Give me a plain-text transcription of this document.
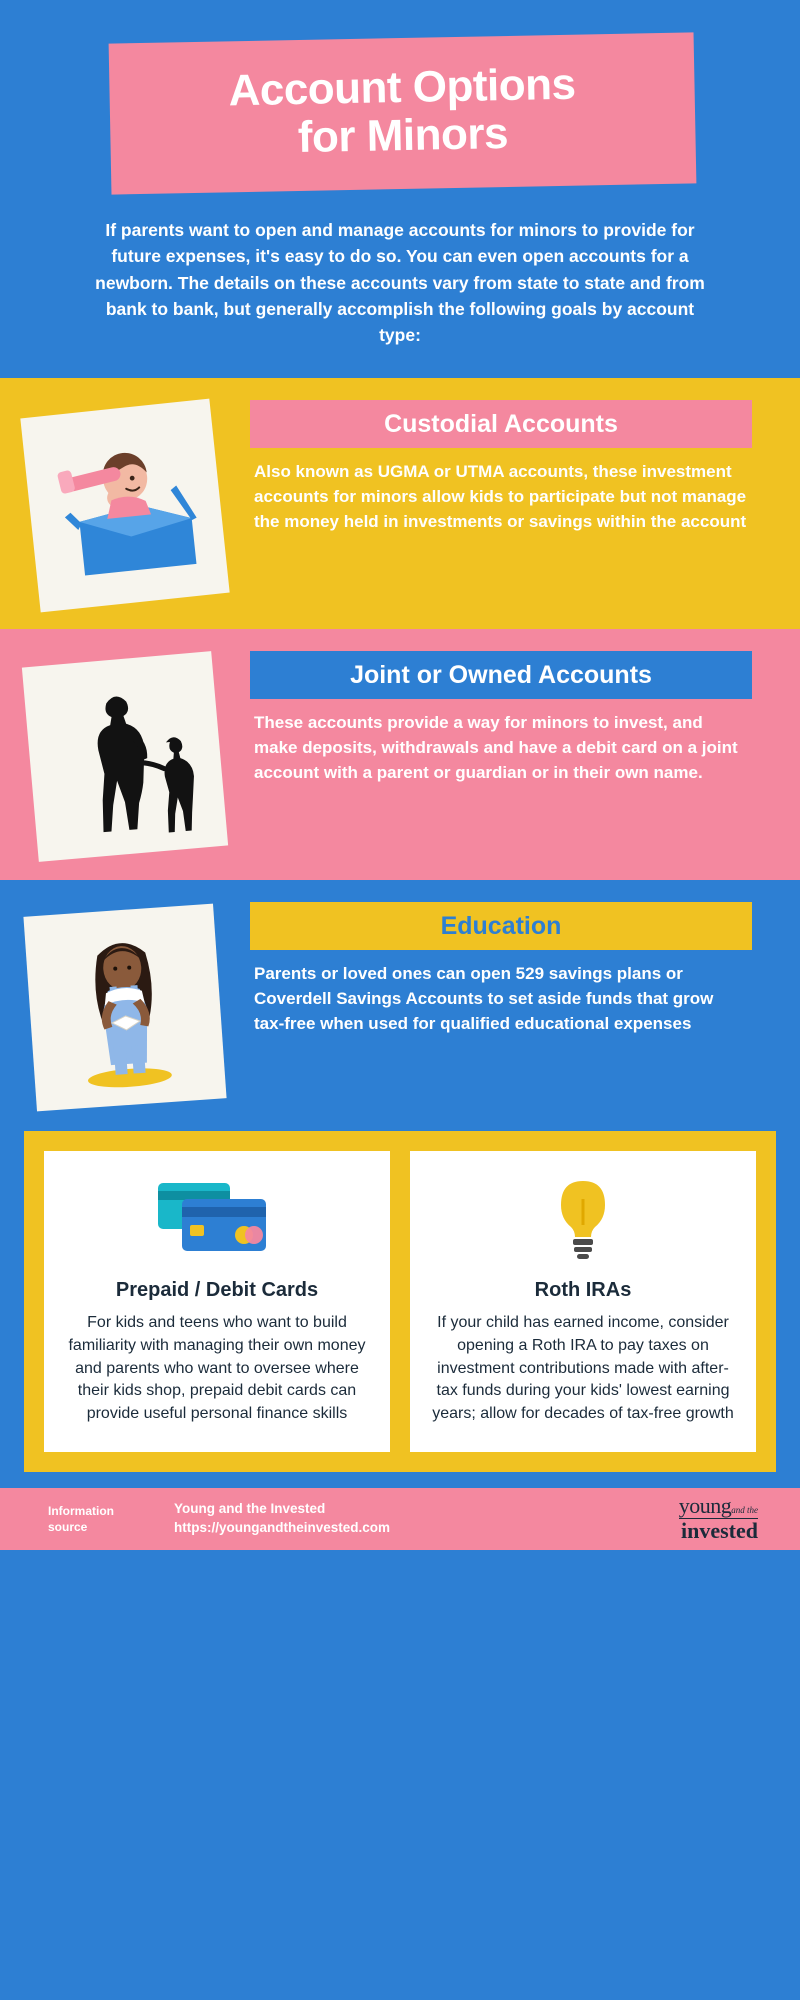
Account Options
for Minors
If parents want to open and manage accounts for minors to provide for future expenses, it's easy to do so. You can even open accounts for a newborn. The details on these accounts vary from state to state and from bank to bank, but generally accomplish the following goals by account type:
Custodial Accounts
Also known as UGMA or UTMA accounts, these investment accounts for minors allow kids to participate but not manage the money held in investments or savings within the account
Joint or Owned Accounts
These accounts provide a way for minors to invest, and make deposits, withdrawals and have a debit card on a joint account with a parent or guardian or in their own name.
Education
Parents or loved ones can open 529 savings plans or Coverdell Savings Accounts to set aside funds that grow tax-free when used for qualified educational expenses
Prepaid / Debit Cards

For kids and teens who want to build familiarity with managing their own money and parents who want to oversee where their kids shop, prepaid debit cards can provide useful personal finance skills

Roth IRAs

If your child has earned income, consider opening a Roth IRA to pay taxes on investment contributions made with after-tax funds during your kids' lowest earning years; allow for decades of tax-free growth

Information
source
Young and the Invested
https://youngandtheinvested.com
youngand the
invested
